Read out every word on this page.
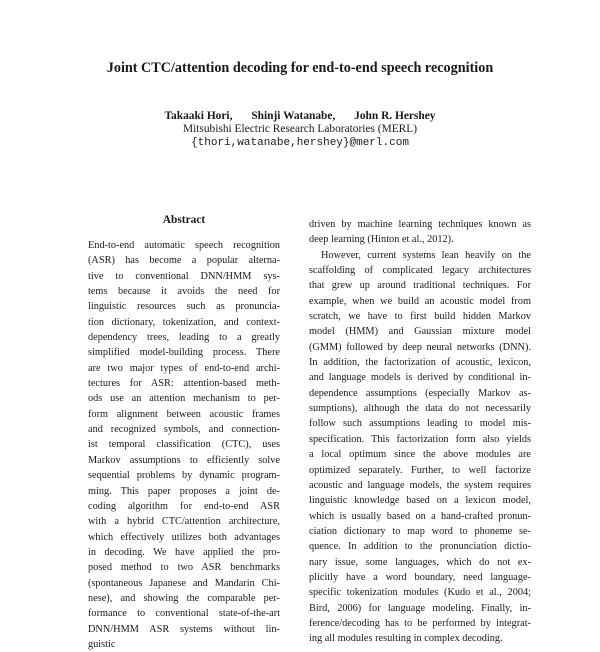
Joint CTC/attention decoding for end-to-end speech recognition
Takaaki Hori, Shinji Watanabe, John R. Hershey
Mitsubishi Electric Research Laboratories (MERL)
{thori,watanabe,hershey}@merl.com
Abstract
End-to-end automatic speech recognition
(ASR) has become a popular alterna-
tive to conventional DNN/HMM sys-
tems because it avoids the need for
linguistic resources such as pronuncia-
tion dictionary, tokenization, and context-
dependency trees, leading to a greatly
simplified model-building process. There
are two major types of end-to-end archi-
tectures for ASR: attention-based meth-
ods use an attention mechanism to per-
form alignment between acoustic frames
and recognized symbols, and connection-
ist temporal classification (CTC), uses
Markov assumptions to efficiently solve
sequential problems by dynamic program-
ming. This paper proposes a joint de-
coding algorithm for end-to-end ASR
with a hybrid CTC/attention architecture,
which effectively utilizes both advantages
in decoding. We have applied the pro-
posed method to two ASR benchmarks
(spontaneous Japanese and Mandarin Chi-
nese), and showing the comparable per-
formance to conventional state-of-the-art
DNN/HMM ASR systems without lin-
guistic
driven by machine learning techniques known as
deep learning (Hinton et al., 2012).
However, current systems lean heavily on the
scaffolding of complicated legacy architectures
that grew up around traditional techniques. For
example, when we build an acoustic model from
scratch, we have to first build hidden Markov
model (HMM) and Gaussian mixture model
(GMM) followed by deep neural networks (DNN).
In addition, the factorization of acoustic, lexicon,
and language models is derived by conditional in-
dependence assumptions (especially Markov as-
sumptions), although the data do not necessarily
follow such assumptions leading to model mis-
specification. This factorization form also yields
a local optimum since the above modules are
optimized separately. Further, to well factorize
acoustic and language models, the system requires
linguistic knowledge based on a lexicon model,
which is usually based on a hand-crafted pronun-
ciation dictionary to map word to phoneme se-
quence. In addition to the pronunciation dictio-
nary issue, some languages, which do not ex-
plicitly have a word boundary, need language-
specific tokenization modules (Kudo et al., 2004;
Bird, 2006) for language modeling. Finally, in-
ference/decoding has to be performed by integrat-
ing all modules resulting in complex decoding.
